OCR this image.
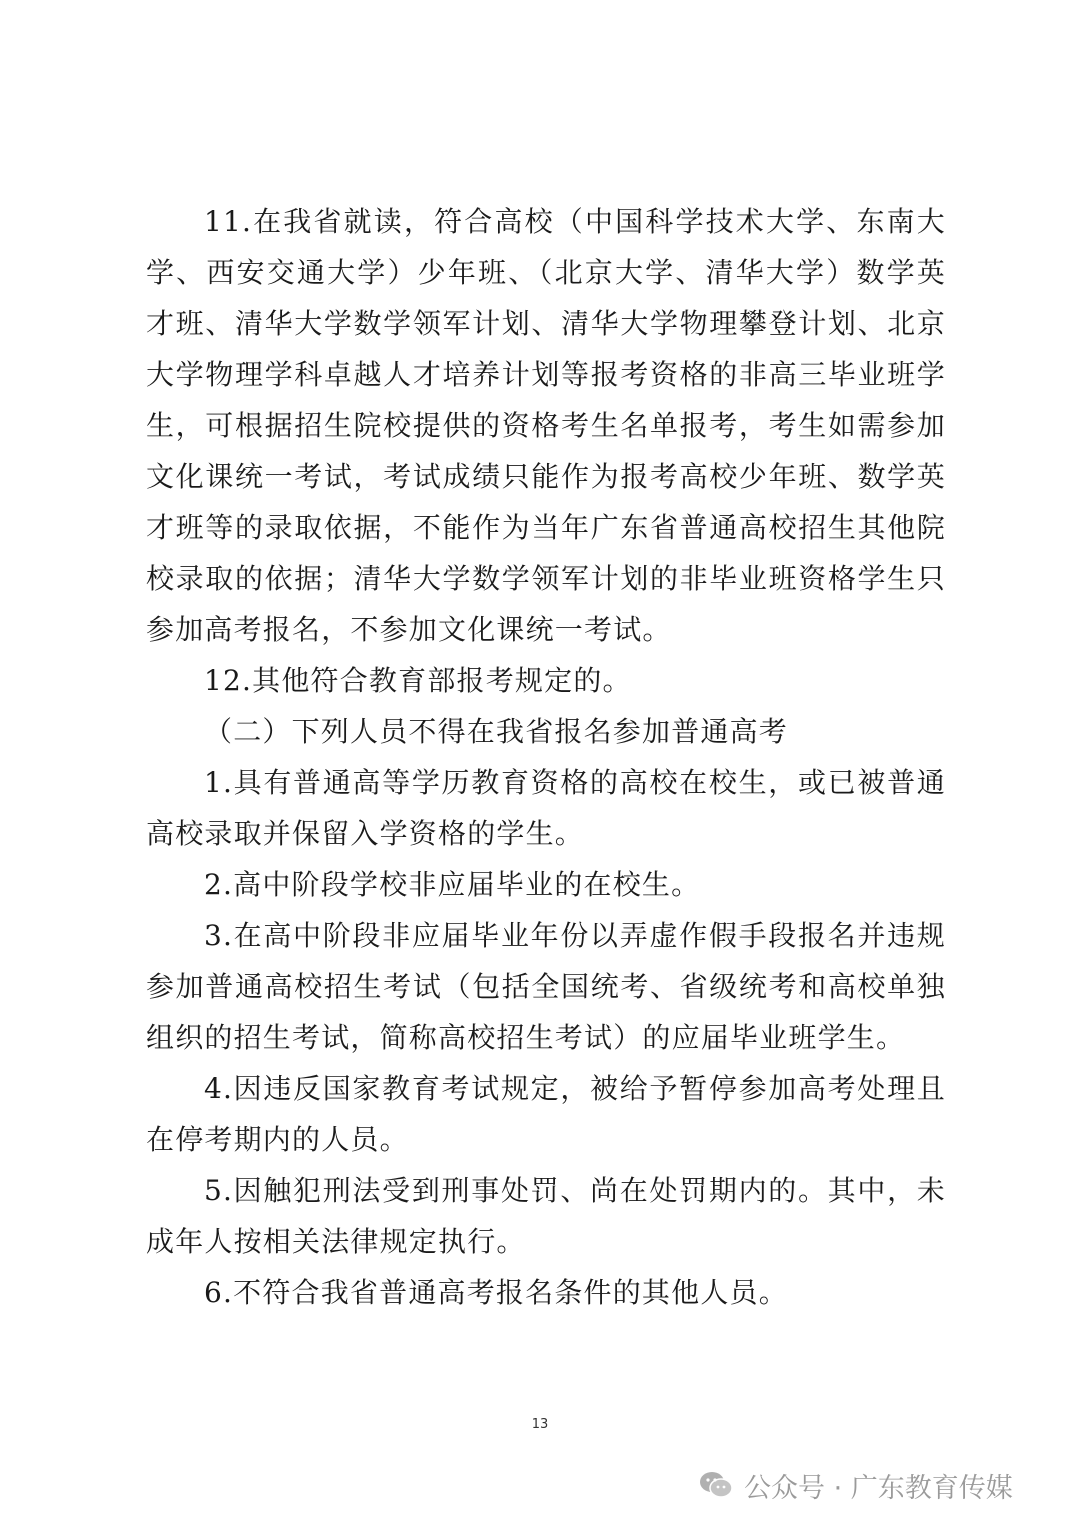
11.在我省就读，符合高校（中国科学技术大学、东南大学、西安交通大学）少年班、（北京大学、清华大学）数学英才班、清华大学数学领军计划、清华大学物理攀登计划、北京大学物理学科卓越人才培养计划等报考资格的非高三毕业班学生，可根据招生院校提供的资格考生名单报考，考生如需参加文化课统一考试，考试成绩只能作为报考高校少年班、数学英才班等的录取依据，不能作为当年广东省普通高校招生其他院校录取的依据；清华大学数学领军计划的非毕业班资格学生只参加高考报名，不参加文化课统一考试。

12.其他符合教育部报考规定的。

（二）下列人员不得在我省报名参加普通高考

1.具有普通高等学历教育资格的高校在校生，或已被普通高校录取并保留入学资格的学生。

2.高中阶段学校非应届毕业的在校生。

3.在高中阶段非应届毕业年份以弄虚作假手段报名并违规参加普通高校招生考试（包括全国统考、省级统考和高校单独组织的招生考试，简称高校招生考试）的应届毕业班学生。

4.因违反国家教育考试规定，被给予暂停参加高考处理且在停考期内的人员。

5.因触犯刑法受到刑事处罚、尚在处罚期内的。其中，未成年人按相关法律规定执行。

6.不符合我省普通高考报名条件的其他人员。

13
公众号 · 广东教育传媒
